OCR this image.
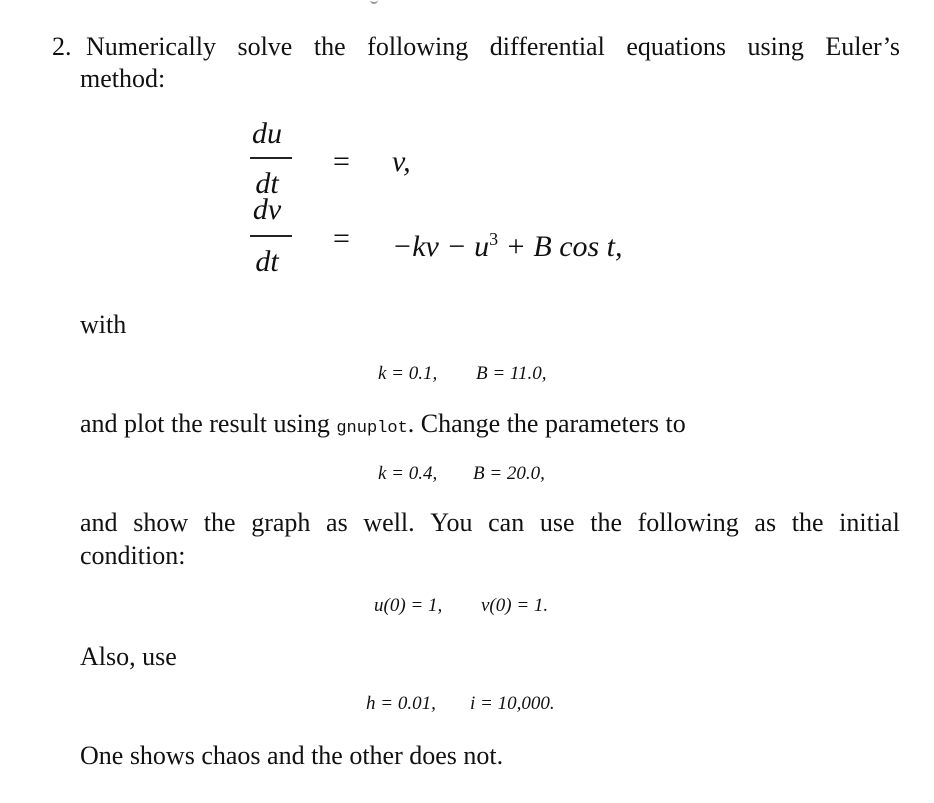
2. Numerically solve the following differential equations using Euler’s
method:
du
dt
= v,
dv
dt
= $-kv - u^3 + B$ cos t,
with
k = 0.1, B = 11.0,
and plot the result using gnuplot. Change the parameters to
k = 0.4, B = 20.0,
and show the graph as well. You can use the following as the initial
condition:
u(0) = 1, v(0) = 1.
Also, use
h = 0.01, i = 10,000.
One shows chaos and the other does not.
